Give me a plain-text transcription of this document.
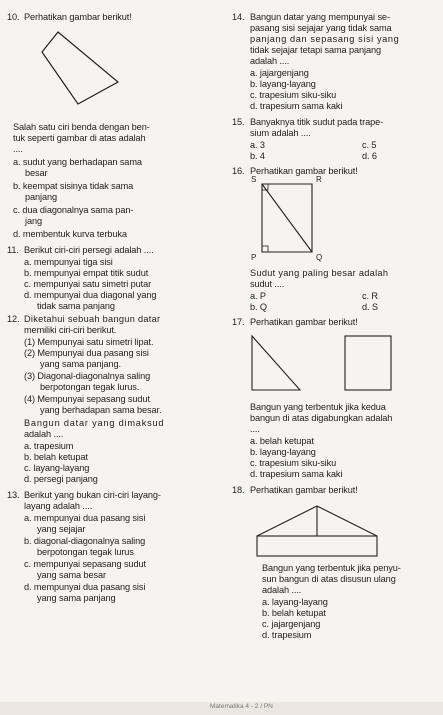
10. Perhatikan gambar berikut!
Salah satu ciri benda dengan ben-
tuk seperti gambar di atas adalah
....
a. sudut yang berhadapan sama
besar
b. keempat sisinya tidak sama
panjang
c. dua diagonalnya sama pan-
jang
d. membentuk kurva terbuka
11. Berikut ciri-ciri persegi adalah ....
a. mempunyai tiga sisi
b. mempunyai empat titik sudut
c. mempunyai satu simetri putar
d. mempunyai dua diagonal yang
tidak sama panjang
12. Diketahui sebuah bangun datar
memiliki ciri-ciri berikut.
(1) Mempunyai satu simetri lipat.
(2) Mempunyai dua pasang sisi
yang sama panjang.
(3) Diagonal-diagonalnya saling
berpotongan tegak lurus.
(4) Mempunyai sepasang sudut
yang berhadapan sama besar.
Bangun datar yang dimaksud
adalah ....
a. trapesium
b. belah ketupat
c. layang-layang
d. persegi panjang
13. Berikut yang bukan ciri-ciri layang-
layang adalah ....
a. mempunyai dua pasang sisi
yang sejajar
b. diagonal-diagonalnya saling
berpotongan tegak lurus
c. mempunyai sepasang sudut
yang sama besar
d. mempunyai dua pasang sisi
yang sama panjang
14. Bangun datar yang mempunyai se-
pasang sisi sejajar yang tidak sama
panjang dan sepasang sisi yang
tidak sejajar tetapi sama panjang
adalah ....
a. jajargenjang
b. layang-layang
c. trapesium siku-siku
d. trapesium sama kaki
15. Banyaknya titik sudut pada trape-
sium adalah ....
a. 3
b. 4
c. 5
d. 6
16. Perhatikan gambar berikut!
S	R
P	Q
Sudut yang paling besar adalah
sudut ....
a. P
b. Q
c. R
d. S
17. Perhatikan gambar berikut!
Bangun yang terbentuk jika kedua
bangun di atas digabungkan adalah
....
a. belah ketupat
b. layang-layang
c. trapesium siku-siku
d. trapesium sama kaki
18. Perhatikan gambar berikut!
Bangun yang terbentuk jika penyu-
sun bangun di atas disusun ulang
adalah ....
a. layang-layang
b. belah ketupat
c. jajargenjang
d. trapesium
Matematika 4 - 2 / PN
